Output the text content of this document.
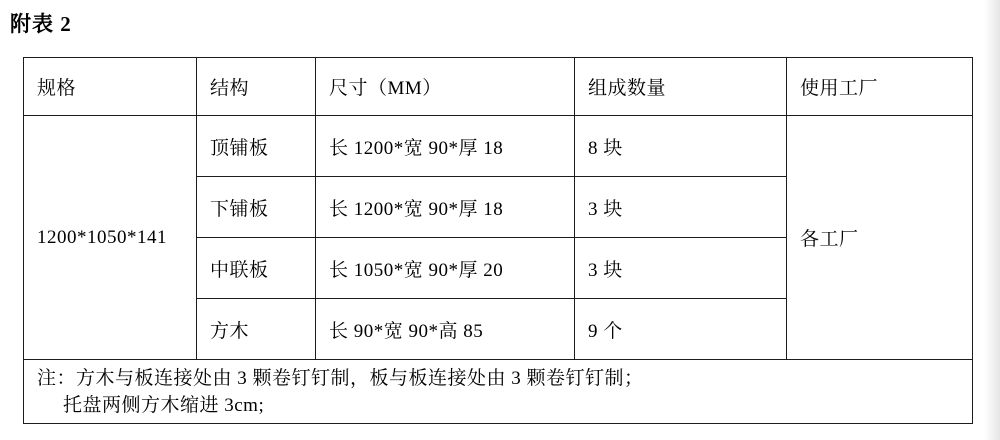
附表 2
规格	结构	尺寸（MM）	组成数量	使用工厂
1200*1050*141	顶铺板	长 1200*宽 90*厚 18	8 块	各工厂
	下铺板	长 1200*宽 90*厚 18	3 块	
	中联板	长 1050*宽 90*厚 20	3 块	
	方木	长 90*宽 90*高 85	9 个	

注：方木与板连接处由 3 颗卷钉钉制，板与板连接处由 3 颗卷钉钉制；
托盘两侧方木缩进 3cm;				
